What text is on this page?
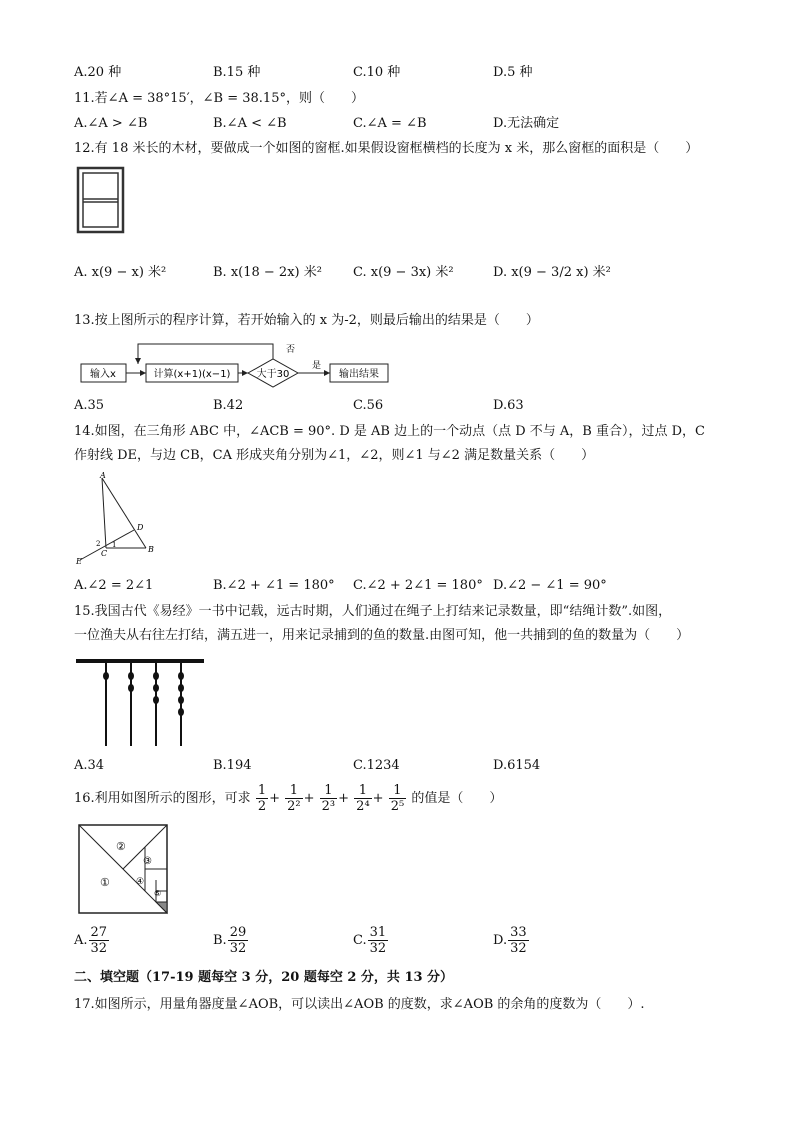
A.20 种	B.15 种	C.10 种	D.5 种
11.若∠A = 38°15′，∠B = 38.15°，则（　　）
A.∠A > ∠B	B.∠A < ∠B	C.∠A = ∠B	D.无法确定
12.有 18 米长的木材，要做成一个如图的窗框.如果假设窗框横档的长度为 x 米，那么窗框的面积是（　　）
A. x(9 − x) 米²	B. x(18 − 2x) 米² C. x(9 − 3x) 米²	D. x(9 − 3/2 x) 米²
13.按上图所示的程序计算，若开始输入的 x 为-2，则最后输出的结果是（　　）
输入x	计算(x+1)(x−1)	大于30
否
是
输出结果
A.35	B.42	C.56	D.63
14.如图，在三角形 ABC 中，∠ACB = 90°. D 是 AB 边上的一个动点（点 D 不与 A，B 重合），过点 D，C
作射线 DE，与边 CB，CA 形成夹角分别为∠1，∠2，则∠1 与∠2 满足数量关系（　　）
A
B
C
D
E
1
2
A.∠2 = 2∠1	B.∠2 + ∠1 = 180° C.∠2 + 2∠1 = 180° D.∠2 − ∠1 = 90°
15.我国古代《易经》一书中记载，远古时期，人们通过在绳子上打结来记录数量，即“结绳计数”.如图，
一位渔夫从右往左打结，满五进一，用来记录捕到的鱼的数量.由图可知，他一共捕到的鱼的数量为（　　）
A.34	B.194	C.1234	D.6154
16.利用如图所示的图形，可求 $\frac{1}{2} + \frac{1}{\text{2²}} + \frac{1}{\text{2³}} + \frac{1}{\text{2⁴}} + \frac{1}{\text{2⁵}}$ 的值是（　　）
①
②
③
④
⑤
A. $\frac{27}{32}$	B. $\frac{29}{32}$	C. $\frac{31}{32}$	D. $\frac{33}{32}$
二、填空题（17-19 题每空 3 分，20 题每空 2 分，共 13 分）
17.如图所示，用量角器度量∠AOB，可以读出∠AOB 的度数，求∠AOB 的余角的度数为（　　）.
